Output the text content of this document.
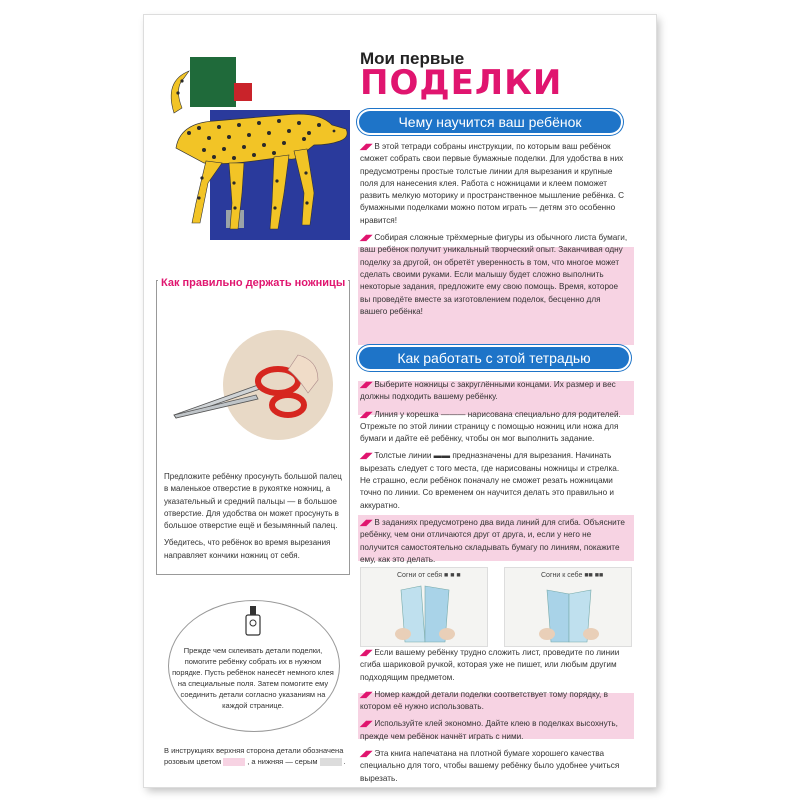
Мои первые
ПОДЕЛКИ
Чему научится ваш ребёнок

◢◤ В этой тетради собраны инструкции, по которым ваш ребёнок сможет собрать свои первые бумажные поделки. Для удобства в них предусмотрены простые толстые линии для вырезания и крупные поля для нанесения клея. Работа с ножницами и клеем поможет развить мелкую моторику и пространственное мышление ребёнка. С бумажными поделками можно потом играть — детям это особенно нравится!

◢◤ Собирая сложные трёхмерные фигуры из обычного листа бумаги, ваш ребёнок получит уникальный творческий опыт. Заканчивая одну поделку за другой, он обретёт уверенность в том, что многое может сделать своими руками. Если малышу будет сложно выполнить некоторые задания, предложите ему свою помощь. Время, которое вы проведёте вместе за изготовлением поделок, бесценно для вашего ребёнка!

Как правильно держать ножницы

Предложите ребёнку просунуть большой палец в маленькое отверстие в рукоятке ножниц, а указательный и средний пальцы — в большое отверстие. Для удобства он может просунуть в большое отверстие ещё и безымянный палец.

Убедитесь, что ребёнок во время вырезания направляет кончики ножниц от себя.

Прежде чем склеивать детали поделки, помогите ребёнку собрать их в нужном порядке. Пусть ребёнок нанесёт немного клея на специальные поля. Затем помогите ему соединить детали согласно указаниям на каждой странице.
В инструкциях верхняя сторона детали обозначена розовым цветом	, а нижняя — серым	.
Как работать с этой тетрадью

◢◤ Выберите ножницы с закруглёнными концами. Их размер и вес должны подходить вашему ребёнку.

◢◤ Линия у корешка ——— нарисована специально для родителей. Отрежьте по этой линии страницу с помощью ножниц или ножа для бумаги и дайте её ребёнку, чтобы он мог выполнить задание.

◢◤ Толстые линии ▬▬ предназначены для вырезания. Начинать вырезать следует с того места, где нарисованы ножницы и стрелка. Не страшно, если ребёнок поначалу не сможет резать ножницами точно по линии. Со временем он научится делать это правильно и аккуратно.

◢◤ В заданиях предусмотрено два вида линий для сгиба. Объясните ребёнку, чем они отличаются друг от друга, и, если у него не получится самостоятельно складывать бумагу по линиям, покажите ему, как это делать.

Согни от себя ■ ■ ■	Согни к себе ■■ ■■

◢◤ Если вашему ребёнку трудно сложить лист, проведите по линии сгиба шариковой ручкой, которая уже не пишет, или любым другим подходящим предметом.

◢◤ Номер каждой детали поделки соответствует тому порядку, в котором её нужно использовать.

◢◤ Используйте клей экономно. Дайте клею в поделках высохнуть, прежде чем ребёнок начнёт играть с ними.

◢◤ Эта книга напечатана на плотной бумаге хорошего качества специально для того, чтобы вашему ребёнку было удобнее учиться вырезать.
